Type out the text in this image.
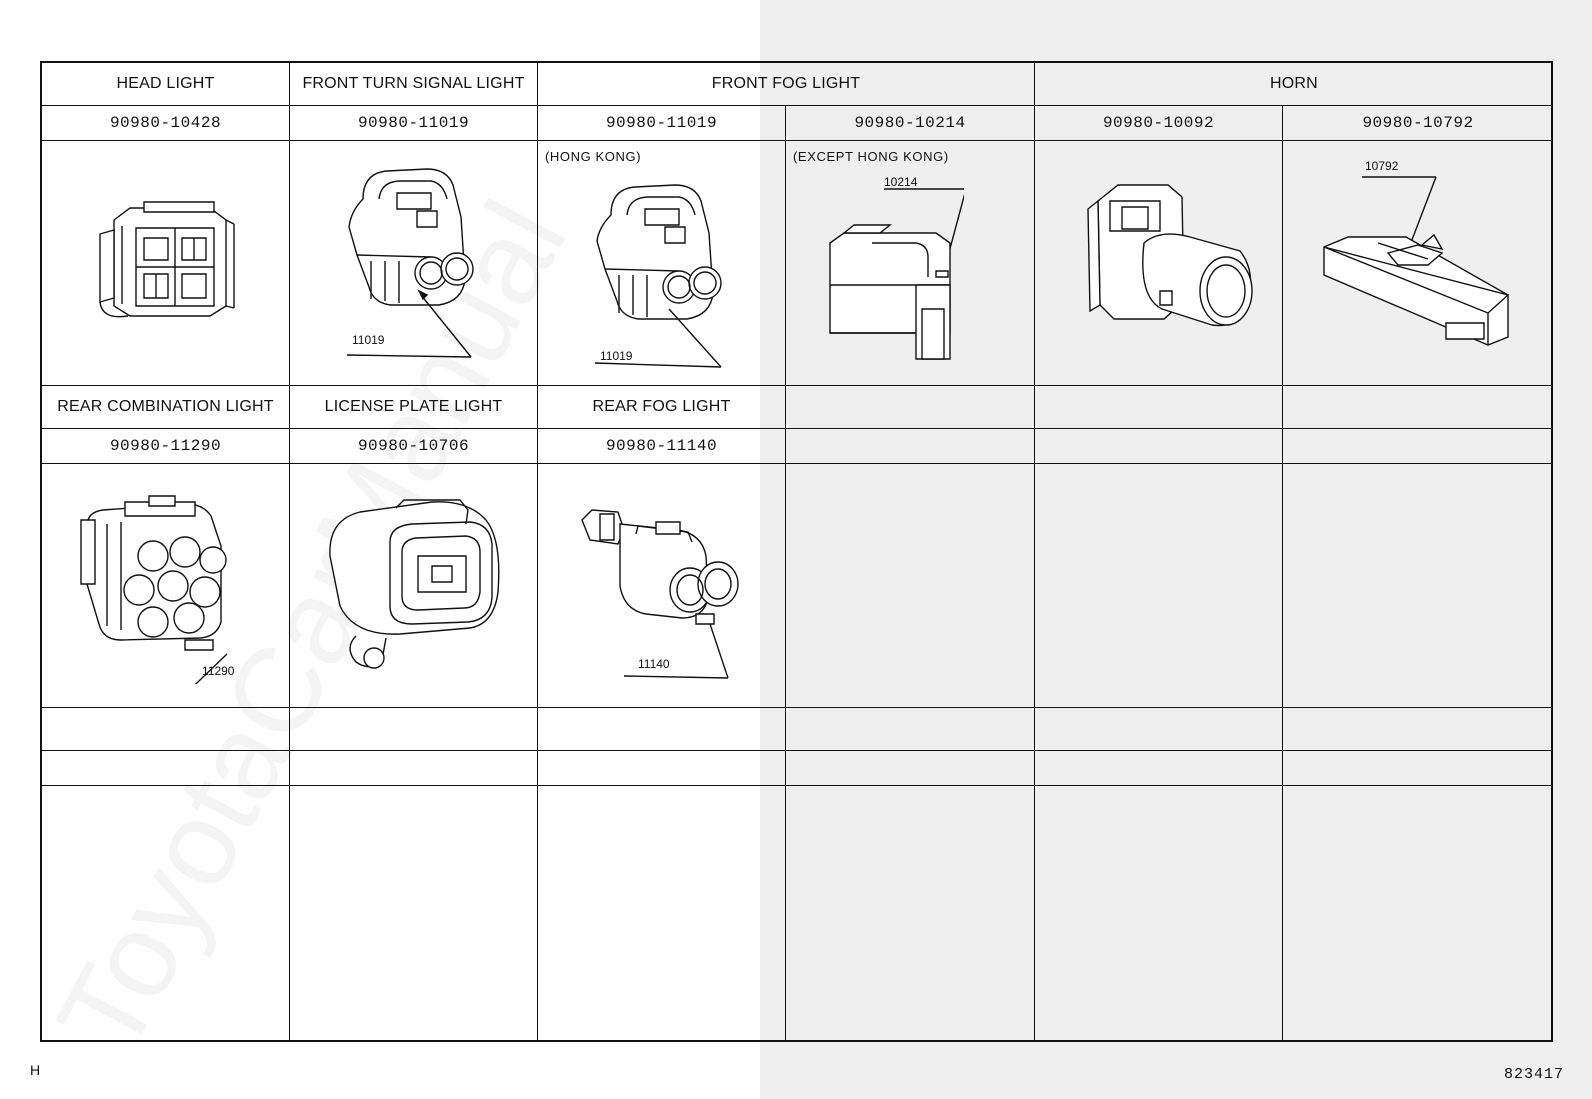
HEAD LIGHT	FRONT TURN SIGNAL LIGHT	FRONT FOG LIGHT	HORN
90980-10428	90980-11019	90980-11019	90980-10214	90980-10092	90980-10792
11019
(HONG KONG)
11019
(EXCEPT HONG KONG)
10214
10792
REAR COMBINATION LIGHT	LICENSE PLATE LIGHT	REAR FOG LIGHT
90980-11290	90980-10706	90980-11140
11290	11140
H	823417
